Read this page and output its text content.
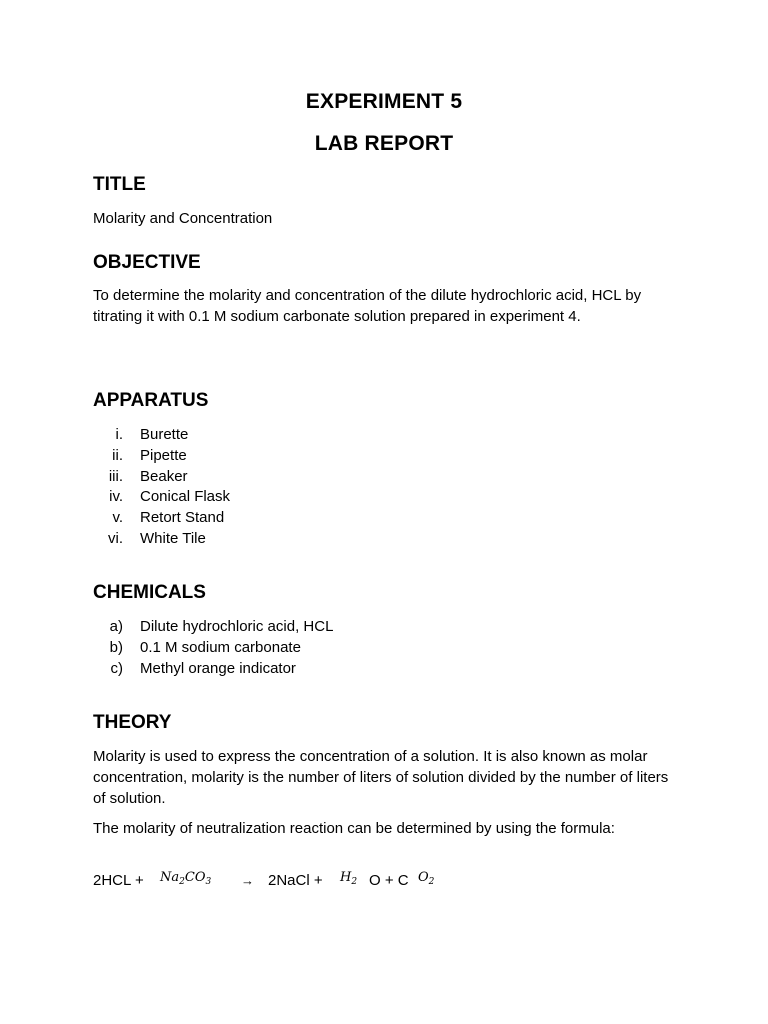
EXPERIMENT 5
LAB REPORT
TITLE
Molarity and Concentration
OBJECTIVE
To determine the molarity and concentration of the dilute hydrochloric acid, HCL by titrating it with 0.1 M sodium carbonate solution prepared in experiment 4.
APPARATUS
i. Burette
ii. Pipette
iii. Beaker
iv. Conical Flask
v. Retort Stand
vi. White Tile
CHEMICALS
a) Dilute hydrochloric acid, HCL
b) 0.1 M sodium carbonate
c) Methyl orange indicator
THEORY
Molarity is used to express the concentration of a solution. It is also known as molar concentration, molarity is the number of liters of solution divided by the number of liters of solution.
The molarity of neutralization reaction can be determined by using the formula:
$2HCL + Na_2CO_3$ → 2NaCl + $H_2$ O + C $O_2$
